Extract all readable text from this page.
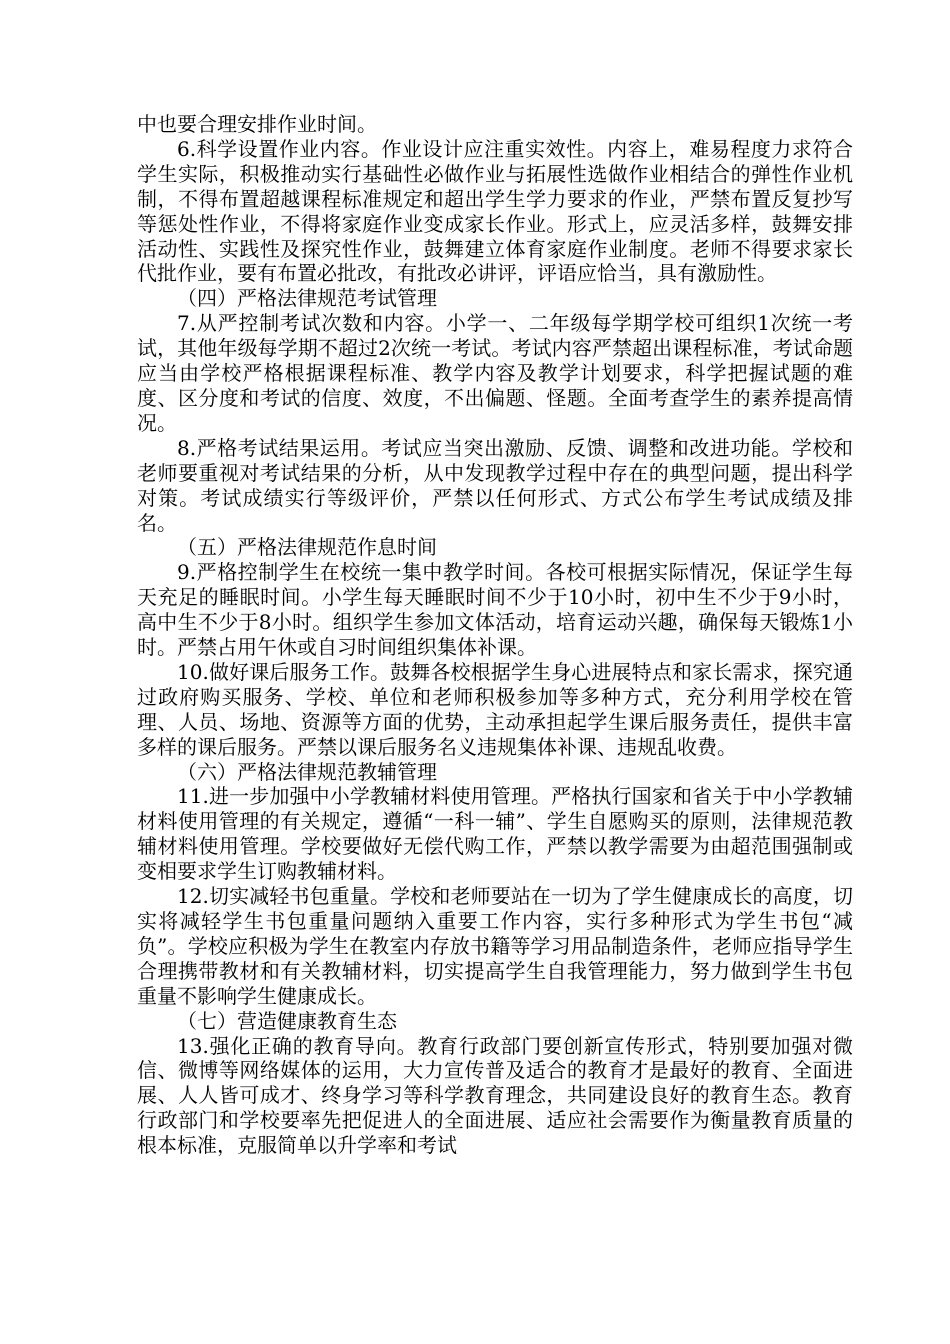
中也要合理安排作业时间。

6.科学设置作业内容。作业设计应注重实效性。内容上，难易程度力求符合学生实际，积极推动实行基础性必做作业与拓展性选做作业相结合的弹性作业机制，不得布置超越课程标准规定和超出学生学力要求的作业，严禁布置反复抄写等惩处性作业，不得将家庭作业变成家长作业。形式上，应灵活多样，鼓舞安排活动性、实践性及探究性作业，鼓舞建立体育家庭作业制度。老师不得要求家长代批作业，要有布置必批改，有批改必讲评，评语应恰当，具有激励性。

（四）严格法律规范考试管理

7.从严控制考试次数和内容。小学一、二年级每学期学校可组织1次统一考试，其他年级每学期不超过2次统一考试。考试内容严禁超出课程标准，考试命题应当由学校严格根据课程标准、教学内容及教学计划要求，科学把握试题的难度、区分度和考试的信度、效度，不出偏题、怪题。全面考查学生的素养提高情况。

8.严格考试结果运用。考试应当突出激励、反馈、调整和改进功能。学校和老师要重视对考试结果的分析，从中发现教学过程中存在的典型问题，提出科学对策。考试成绩实行等级评价，严禁以任何形式、方式公布学生考试成绩及排名。

（五）严格法律规范作息时间

9.严格控制学生在校统一集中教学时间。各校可根据实际情况，保证学生每天充足的睡眠时间。小学生每天睡眠时间不少于10小时，初中生不少于9小时，高中生不少于8小时。组织学生参加文体活动，培育运动兴趣，确保每天锻炼1小时。严禁占用午休或自习时间组织集体补课。

10.做好课后服务工作。鼓舞各校根据学生身心进展特点和家长需求，探究通过政府购买服务、学校、单位和老师积极参加等多种方式，充分利用学校在管理、人员、场地、资源等方面的优势，主动承担起学生课后服务责任，提供丰富多样的课后服务。严禁以课后服务名义违规集体补课、违规乱收费。

（六）严格法律规范教辅管理

11.进一步加强中小学教辅材料使用管理。严格执行国家和省关于中小学教辅材料使用管理的有关规定，遵循“一科一辅”、学生自愿购买的原则，法律规范教辅材料使用管理。学校要做好无偿代购工作，严禁以教学需要为由超范围强制或变相要求学生订购教辅材料。

12.切实减轻书包重量。学校和老师要站在一切为了学生健康成长的高度，切实将减轻学生书包重量问题纳入重要工作内容，实行多种形式为学生书包“减负”。学校应积极为学生在教室内存放书籍等学习用品制造条件，老师应指导学生合理携带教材和有关教辅材料，切实提高学生自我管理能力，努力做到学生书包重量不影响学生健康成长。

（七）营造健康教育生态

13.强化正确的教育导向。教育行政部门要创新宣传形式，特别要加强对微信、微博等网络媒体的运用，大力宣传普及适合的教育才是最好的教育、全面进展、人人皆可成才、终身学习等科学教育理念，共同建设良好的教育生态。教育行政部门和学校要率先把促进人的全面进展、适应社会需要作为衡量教育质量的根本标准，克服简单以升学率和考试
